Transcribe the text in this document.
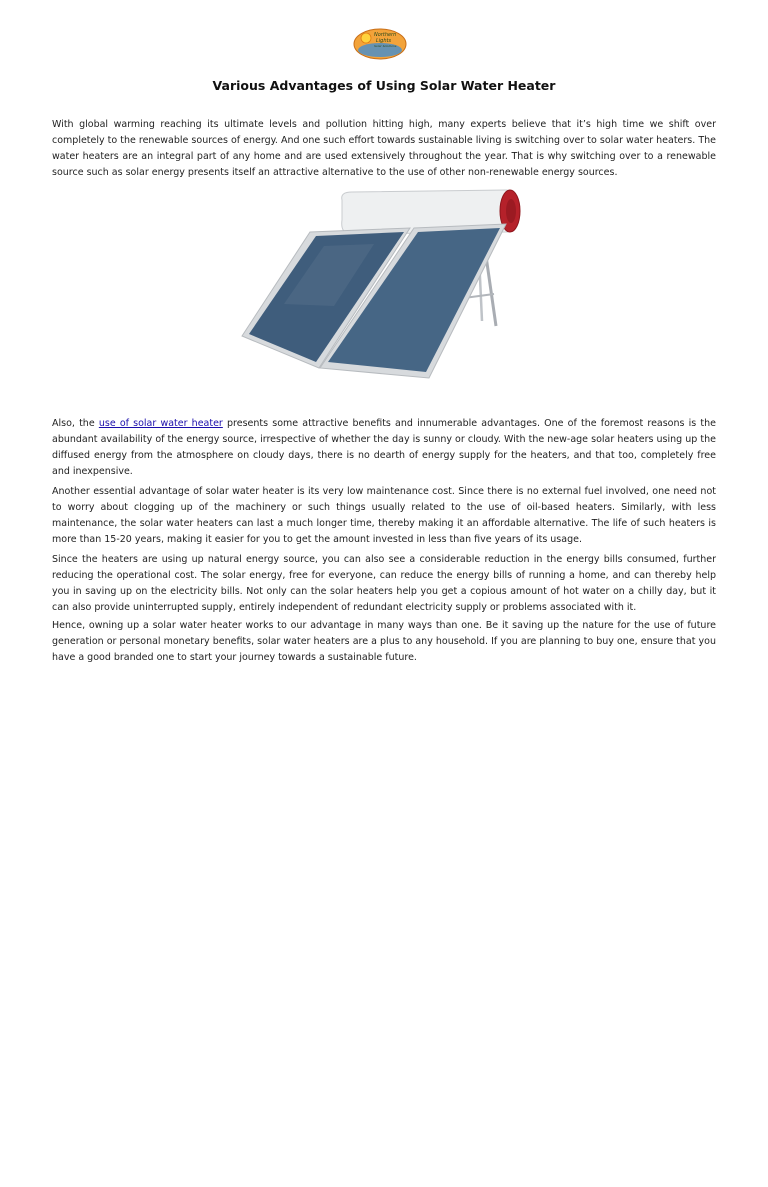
Northern
Lights
Solar Solutions
Various Advantages of Using Solar Water Heater

With global warming reaching its ultimate levels and pollution hitting high, many experts believe that it’s high time we shift over completely to the renewable sources of energy. And one such effort towards sustainable living is switching over to solar water heaters. The water heaters are an integral part of any home and are used extensively throughout the year. That is why switching over to a renewable source such as solar energy presents itself an attractive alternative to the use of other non-renewable energy sources.

Also, the use of solar water heater presents some attractive benefits and innumerable advantages. One of the foremost reasons is the abundant availability of the energy source, irrespective of whether the day is sunny or cloudy. With the new-age solar heaters using up the diffused energy from the atmosphere on cloudy days, there is no dearth of energy supply for the heaters, and that too, completely free and inexpensive.

Another essential advantage of solar water heater is its very low maintenance cost. Since there is no external fuel involved, one need not to worry about clogging up of the machinery or such things usually related to the use of oil-based heaters. Similarly, with less maintenance, the solar water heaters can last a much longer time, thereby making it an affordable alternative. The life of such heaters is more than 15-20 years, making it easier for you to get the amount invested in less than five years of its usage.

Since the heaters are using up natural energy source, you can also see a considerable reduction in the energy bills consumed, further reducing the operational cost. The solar energy, free for everyone, can reduce the energy bills of running a home, and can thereby help you in saving up on the electricity bills. Not only can the solar heaters help you get a copious amount of hot water on a chilly day, but it can also provide uninterrupted supply, entirely independent of redundant electricity supply or problems associated with it.

Hence, owning up a solar water heater works to our advantage in many ways than one. Be it saving up the nature for the use of future generation or personal monetary benefits, solar water heaters are a plus to any household. If you are planning to buy one, ensure that you have a good branded one to start your journey towards a sustainable future.
